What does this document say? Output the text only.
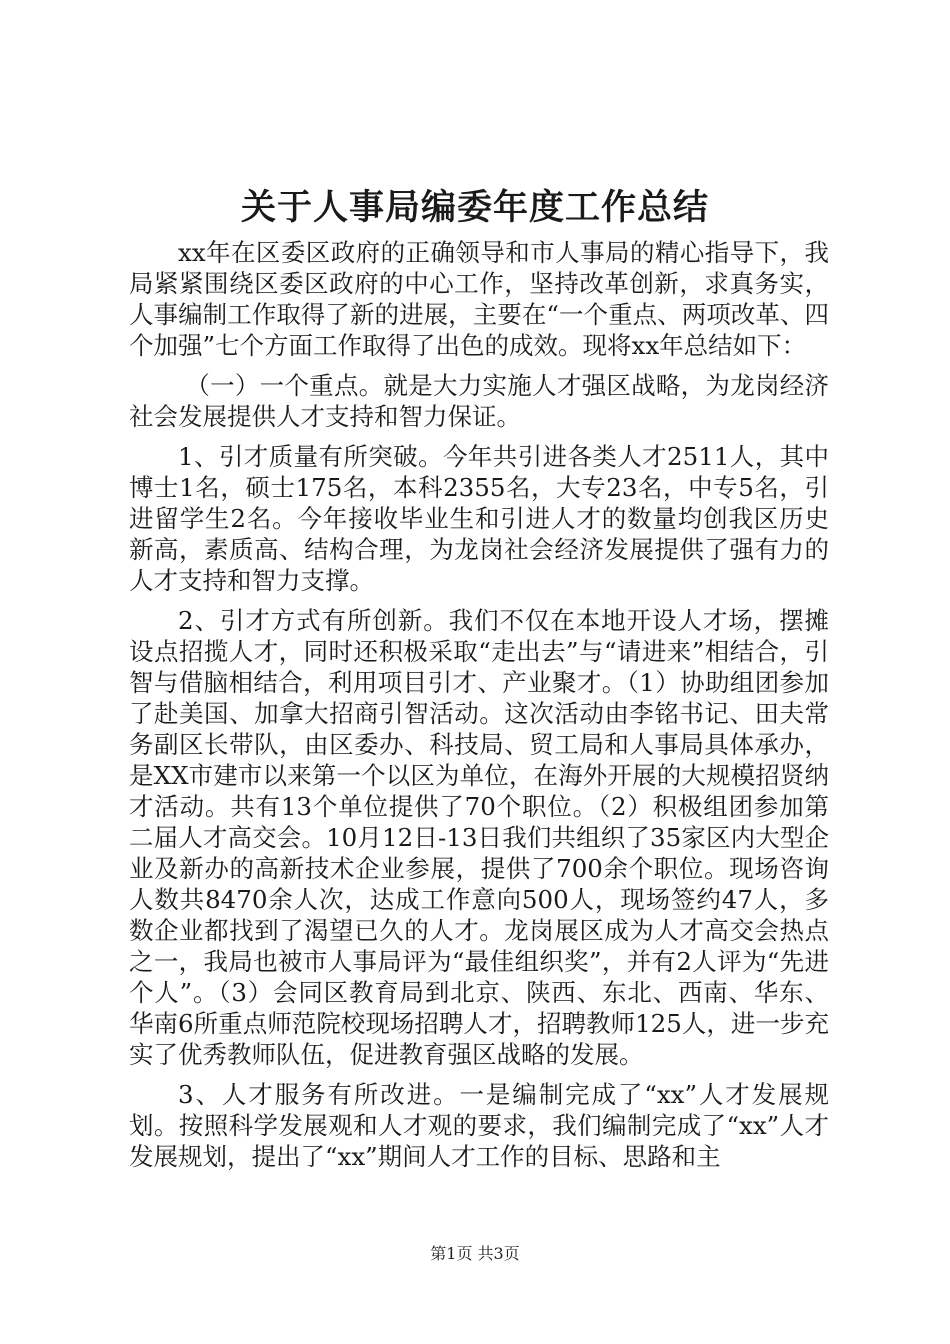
关于人事局编委年度工作总结

xx年在区委区政府的正确领导和市人事局的精心指导下，我局紧紧围绕区委区政府的中心工作，坚持改革创新，求真务实，人事编制工作取得了新的进展，主要在“一个重点、两项改革、四个加强”七个方面工作取得了出色的成效。现将xx年总结如下：

（一）一个重点。就是大力实施人才强区战略，为龙岗经济社会发展提供人才支持和智力保证。

1、引才质量有所突破。今年共引进各类人才2511人，其中博士1名，硕士175名，本科2355名，大专23名，中专5名，引进留学生2名。今年接收毕业生和引进人才的数量均创我区历史新高，素质高、结构合理，为龙岗社会经济发展提供了强有力的人才支持和智力支撑。

2、引才方式有所创新。我们不仅在本地开设人才场，摆摊设点招揽人才，同时还积极采取“走出去”与“请进来”相结合，引智与借脑相结合，利用项目引才、产业聚才。（1）协助组团参加了赴美国、加拿大招商引智活动。这次活动由李铭书记、田夫常务副区长带队，由区委办、科技局、贸工局和人事局具体承办，是XX市建市以来第一个以区为单位，在海外开展的大规模招贤纳才活动。共有13个单位提供了70个职位。（2）积极组团参加第二届人才高交会。10月12日-13日我们共组织了35家区内大型企业及新办的高新技术企业参展，提供了700余个职位。现场咨询人数共8470余人次，达成工作意向500人，现场签约47人，多数企业都找到了渴望已久的人才。龙岗展区成为人才高交会热点之一，我局也被市人事局评为“最佳组织奖”，并有2人评为“先进个人”。（3）会同区教育局到北京、陕西、东北、西南、华东、华南6所重点师范院校现场招聘人才，招聘教师125人，进一步充实了优秀教师队伍，促进教育强区战略的发展。

3、人才服务有所改进。一是编制完成了“xx”人才发展规划。按照科学发展观和人才观的要求，我们编制完成了“xx”人才发展规划，提出了“xx”期间人才工作的目标、思路和主

第1页 共3页
